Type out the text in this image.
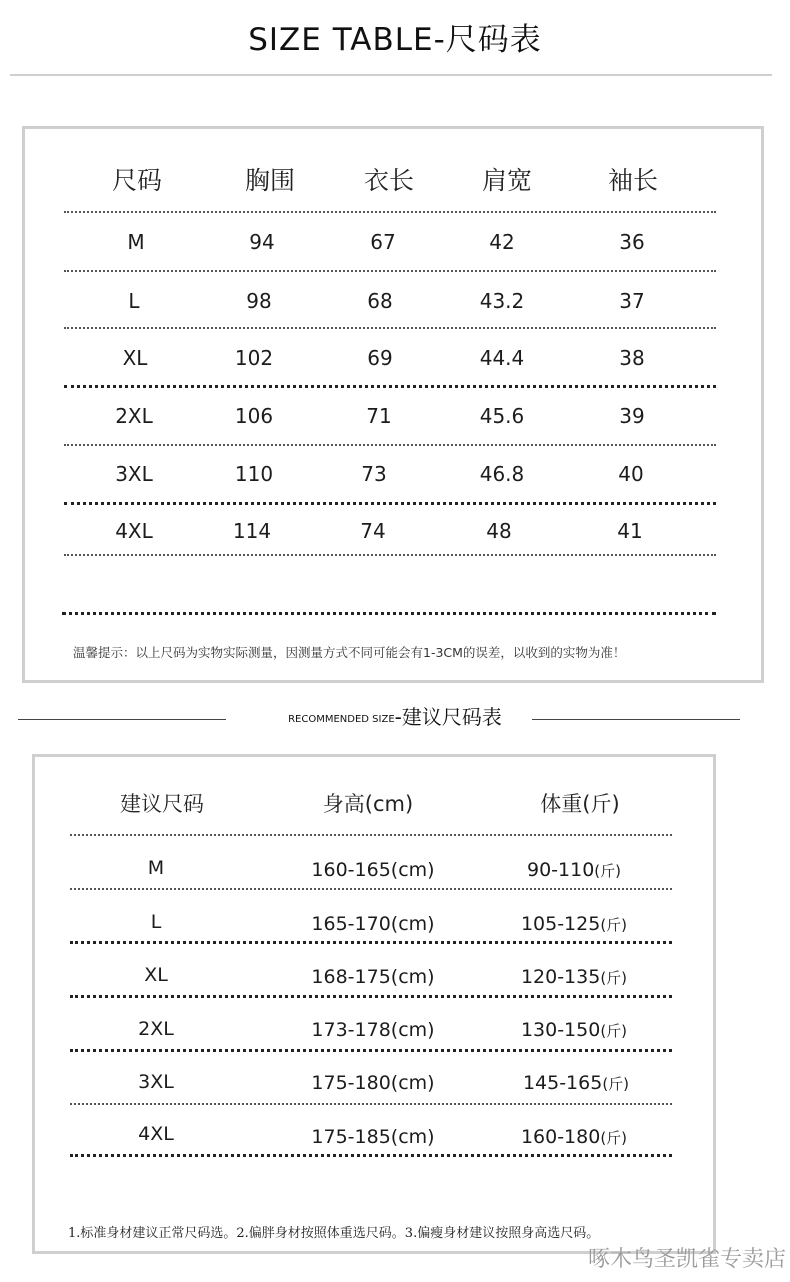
SIZE TABLE-尺码表
尺码	胸围	衣长	肩宽	袖长
M	94	67	42	36
L	98	68	43.2	37
XL	102	69	44.4	38
2XL	106	71	45.6	39
3XL	110	73	46.8	40
4XL	114	74	48	41
温馨提示：以上尺码为实物实际测量，因测量方式不同可能会有1-3CM的误差，以收到的实物为准！
RECOMMENDED SIZE-建议尺码表
建议尺码	身高(cm)	体重(斤)
M	160-165(cm)	90-110(斤)
L	165-170(cm)	105-125(斤)
XL	168-175(cm)	120-135(斤)
2XL	173-178(cm)	130-150(斤)
3XL	175-180(cm)	145-165(斤)
4XL	175-185(cm)	160-180(斤)
1.标准身材建议正常尺码选。2.偏胖身材按照体重选尺码。3.偏瘦身材建议按照身高选尺码。
啄木鸟圣凯雀专卖店
